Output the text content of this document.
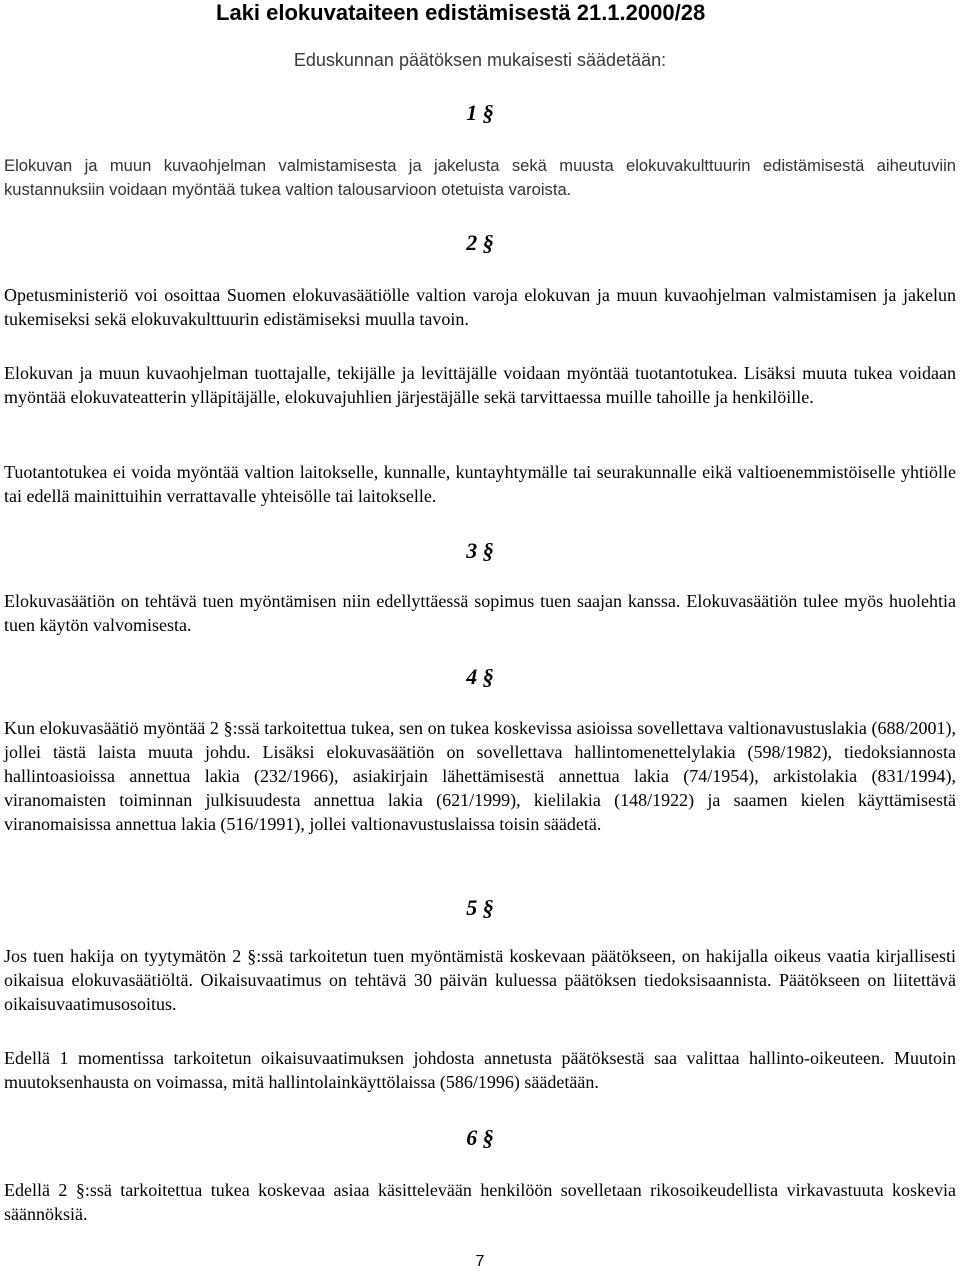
Laki elokuvataiteen edistämisestä 21.1.2000/28

Eduskunnan päätöksen mukaisesti säädetään:

1 §

Elokuvan ja muun kuvaohjelman valmistamisesta ja jakelusta sekä muusta elokuvakulttuurin edistämisestä aiheutuviin kustannuksiin voidaan myöntää tukea valtion talousarvioon otetuista varoista.

2 §

Opetusministeriö voi osoittaa Suomen elokuvasäätiölle valtion varoja elokuvan ja muun kuvaohjelman valmistamisen ja jakelun tukemiseksi sekä elokuvakulttuurin edistämiseksi muulla tavoin.

Elokuvan ja muun kuvaohjelman tuottajalle, tekijälle ja levittäjälle voidaan myöntää tuotantotukea. Lisäksi muuta tukea voidaan myöntää elokuvateatterin ylläpitäjälle, elokuvajuhlien järjestäjälle sekä tarvittaessa muille tahoille ja henkilöille.

Tuotantotukea ei voida myöntää valtion laitokselle, kunnalle, kuntayhtymälle tai seurakunnalle eikä valtioenemmistöiselle yhtiölle tai edellä mainittuihin verrattavalle yhteisölle tai laitokselle.

3 §

Elokuvasäätiön on tehtävä tuen myöntämisen niin edellyttäessä sopimus tuen saajan kanssa. Elokuvasäätiön tulee myös huolehtia tuen käytön valvomisesta.

4 §

Kun elokuvasäätiö myöntää 2 §:ssä tarkoitettua tukea, sen on tukea koskevissa asioissa sovellettava valtionavustuslakia (688/2001), jollei tästä laista muuta johdu. Lisäksi elokuvasäätiön on sovellettava hallintomenettelylakia (598/1982), tiedoksiannosta hallintoasioissa annettua lakia (232/1966), asiakirjain lähettämisestä annettua lakia (74/1954), arkistolakia (831/1994), viranomaisten toiminnan julkisuudesta annettua lakia (621/1999), kielilakia (148/1922) ja saamen kielen käyttämisestä viranomaisissa annettua lakia (516/1991), jollei valtionavustuslaissa toisin säädetä.

5 §

Jos tuen hakija on tyytymätön 2 §:ssä tarkoitetun tuen myöntämistä koskevaan päätökseen, on hakijalla oikeus vaatia kirjallisesti oikaisua elokuvasäätiöltä. Oikaisuvaatimus on tehtävä 30 päivän kuluessa päätöksen tiedoksisaannista. Päätökseen on liitettävä oikaisuvaatimusosoitus.

Edellä 1 momentissa tarkoitetun oikaisuvaatimuksen johdosta annetusta päätöksestä saa valittaa hallinto-oikeuteen. Muutoin muutoksenhausta on voimassa, mitä hallintolainkäyttölaissa (586/1996) säädetään.

6 §

Edellä 2 §:ssä tarkoitettua tukea koskevaa asiaa käsittelevään henkilöön sovelletaan rikosoikeudellista virkavastuuta koskevia säännöksiä.

7
